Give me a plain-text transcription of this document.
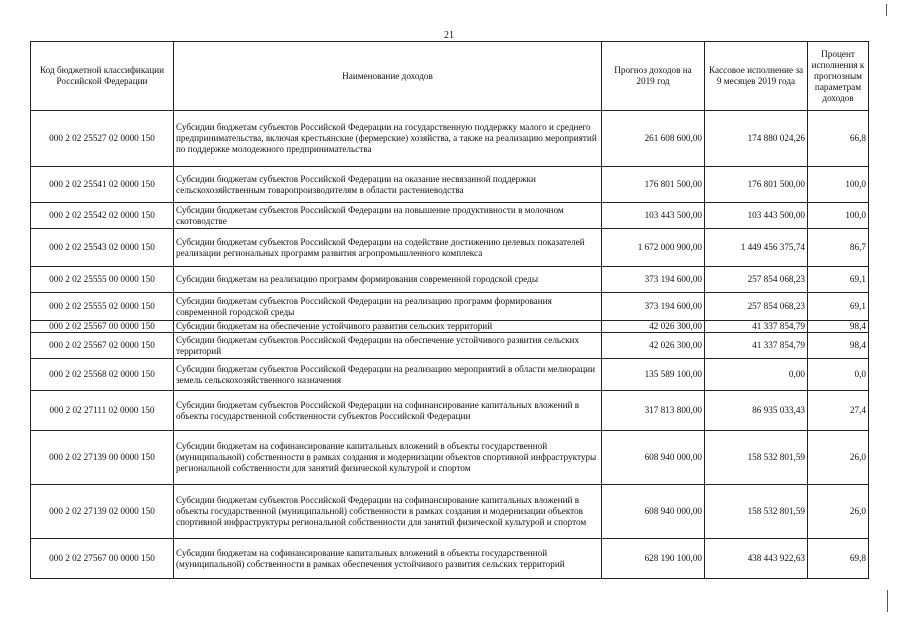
21
Код бюджетной классификации Российской Федерации	Наименование доходов	Прогноз доходов на 2019 год	Кассовое исполнение за 9 месяцев 2019 года	Процент исполнения к прогнозным параметрам доходов
000 2 02 25527 02 0000 150	Субсидии бюджетам субъектов Российской Федерации на государственную поддержку малого и среднего предпринимательства, включая крестьянские (фермерские) хозяйства, а также на реализацию мероприятий по поддержке молодежного предпринимательства	261 608 600,00	174 880 024,26	66,8
000 2 02 25541 02 0000 150	Субсидии бюджетам субъектов Российской Федерации на оказание несвязанной поддержки сельскохозяйственным товаропроизводителям в области растениеводства	176 801 500,00	176 801 500,00	100,0
000 2 02 25542 02 0000 150	Субсидии бюджетам субъектов Российской Федерации на повышение продуктивности в молочном скотоводстве	103 443 500,00	103 443 500,00	100,0
000 2 02 25543 02 0000 150	Субсидии бюджетам субъектов Российской Федерации на содействие достижению целевых показателей реализации региональных программ развития агропромышленного комплекса	1 672 000 900,00	1 449 456 375,74	86,7
000 2 02 25555 00 0000 150	Субсидии бюджетам на реализацию программ формирования современной городской среды	373 194 600,00	257 854 068,23	69,1
000 2 02 25555 02 0000 150	Субсидии бюджетам субъектов Российской Федерации на реализацию программ формирования современной городской среды	373 194 600,00	257 854 068,23	69,1
000 2 02 25567 00 0000 150	Субсидии бюджетам на обеспечение устойчивого развития сельских территорий	42 026 300,00	41 337 854,79	98,4
000 2 02 25567 02 0000 150	Субсидии бюджетам субъектов Российской Федерации на обеспечение устойчивого развития сельских территорий	42 026 300,00	41 337 854,79	98,4
000 2 02 25568 02 0000 150	Субсидии бюджетам субъектов Российской Федерации на реализацию мероприятий в области мелиорации земель сельскохозяйственного назначения	135 589 100,00	0,00	0,0
000 2 02 27111 02 0000 150	Субсидии бюджетам субъектов Российской Федерации на софинансирование капитальных вложений в объекты государственной собственности субъектов Российской Федерации	317 813 800,00	86 935 033,43	27,4
000 2 02 27139 00 0000 150	Субсидии бюджетам на софинансирование капитальных вложений в объекты государственной (муниципальной) собственности в рамках создания и модернизации объектов спортивной инфраструктуры региональной собственности для занятий физической культурой и спортом	608 940 000,00	158 532 801,59	26,0
000 2 02 27139 02 0000 150	Субсидии бюджетам субъектов Российской Федерации на софинансирование капитальных вложений в объекты государственной (муниципальной) собственности в рамках создания и модернизации объектов спортивной инфраструктуры региональной собственности для занятий физической культурой и спортом	608 940 000,00	158 532 801,59	26,0
000 2 02 27567 00 0000 150	Субсидии бюджетам на софинансирование капитальных вложений в объекты государственной (муниципальной) собственности в рамках обеспечения устойчивого развития сельских территорий	628 190 100,00	438 443 922,63	69,8
